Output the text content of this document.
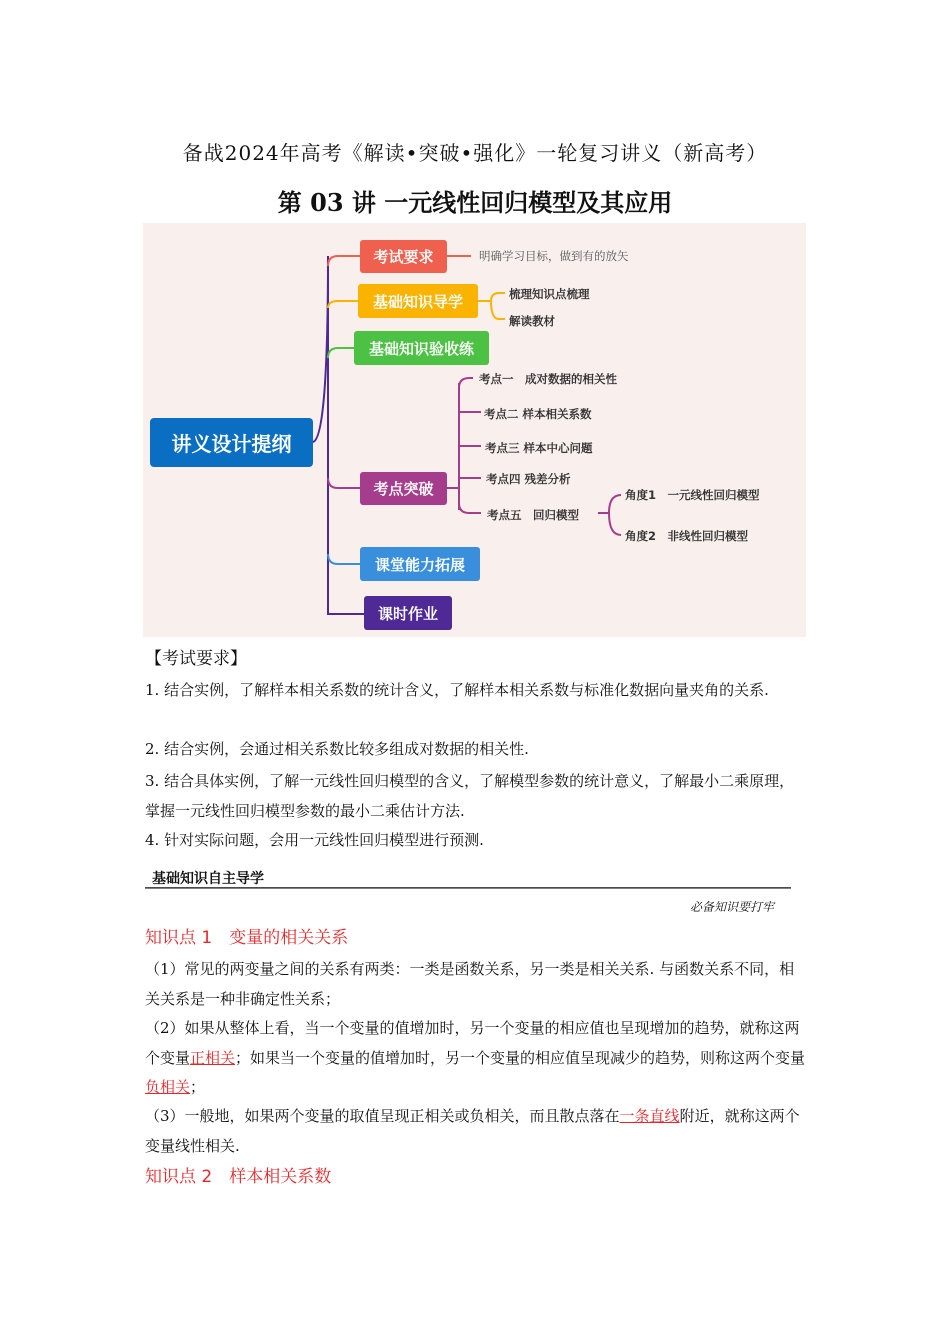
备战2024年高考《解读•突破•强化》一轮复习讲义（新高考）
第 03 讲 一元线性回归模型及其应用
讲义设计提纲
考试要求
基础知识导学
基础知识验收练
考点突破
课堂能力拓展
课时作业
明确学习目标，做到有的放矢
梳理知识点梳理
解读教材
考点一　成对数据的相关性
考点二 样本相关系数
考点三 样本中心问题
考点四 残差分析
考点五　回归模型
角度1　一元线性回归模型
角度2　非线性回归模型
【考试要求】
1. 结合实例，了解样本相关系数的统计含义，了解样本相关系数与标准化数据向量夹角的关系.
2. 结合实例，会通过相关系数比较多组成对数据的相关性.
3. 结合具体实例，了解一元线性回归模型的含义，了解模型参数的统计意义，了解最小二乘原理，掌握一元线性回归模型参数的最小二乘估计方法.
4. 针对实际问题，会用一元线性回归模型进行预测.
基础知识自主导学
必备知识要打牢
知识点 1　变量的相关关系
（1）常见的两变量之间的关系有两类：一类是函数关系，另一类是相关关系. 与函数关系不同，相关关系是一种非确定性关系；
（2）如果从整体上看，当一个变量的值增加时，另一个变量的相应值也呈现增加的趋势，就称这两个变量正相关；如果当一个变量的值增加时，另一个变量的相应值呈现减少的趋势，则称这两个变量负相关；
（3）一般地，如果两个变量的取值呈现正相关或负相关，而且散点落在一条直线附近，就称这两个变量线性相关.
知识点 2　样本相关系数
